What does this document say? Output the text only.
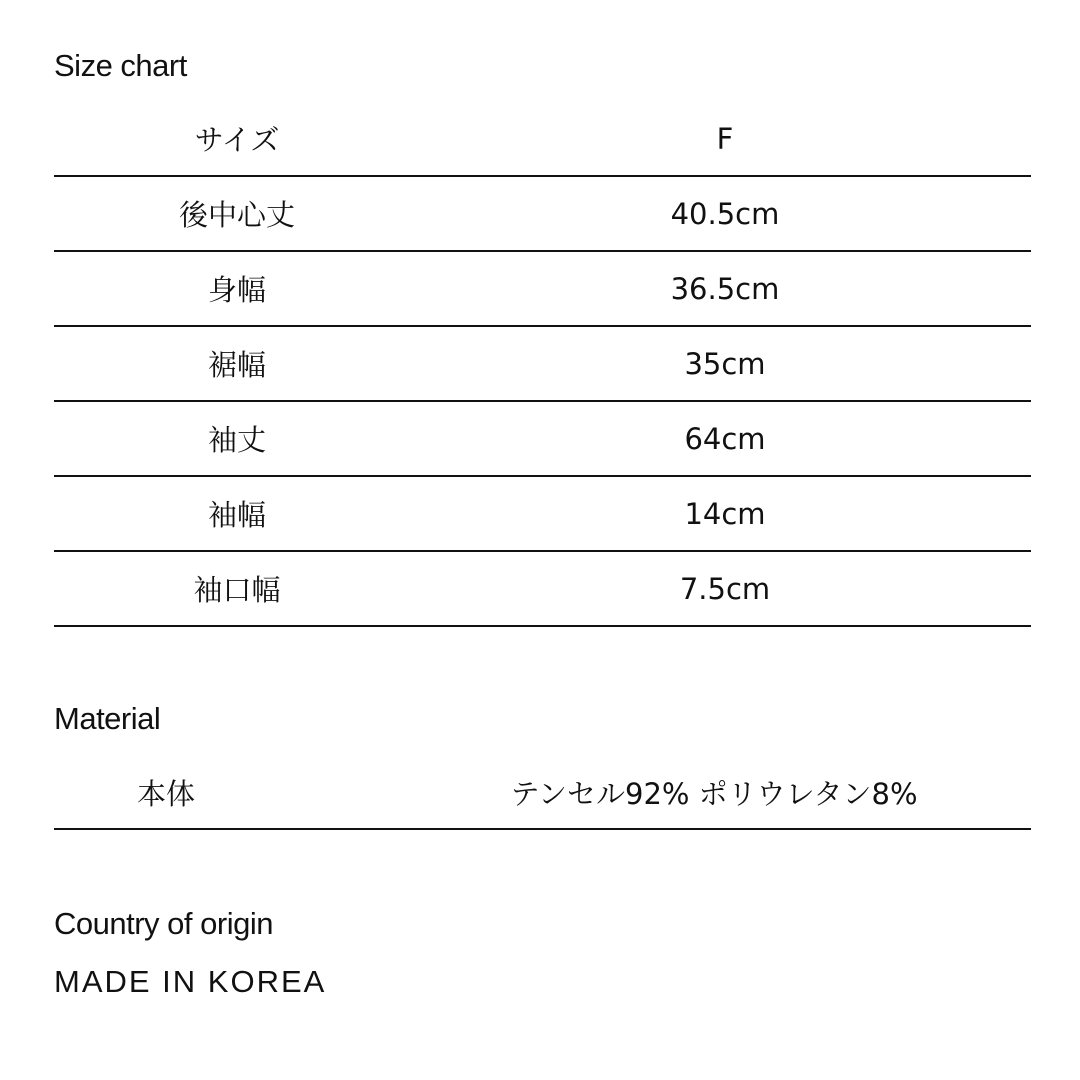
Size chart
サイズ	F
後中心丈	40.5cm
身幅	36.5cm
裾幅	35cm
袖丈	64cm
袖幅	14cm
袖口幅	7.5cm
Material
本体	テンセル92% ポリウレタン8%
Country of origin
MADE IN KOREA
